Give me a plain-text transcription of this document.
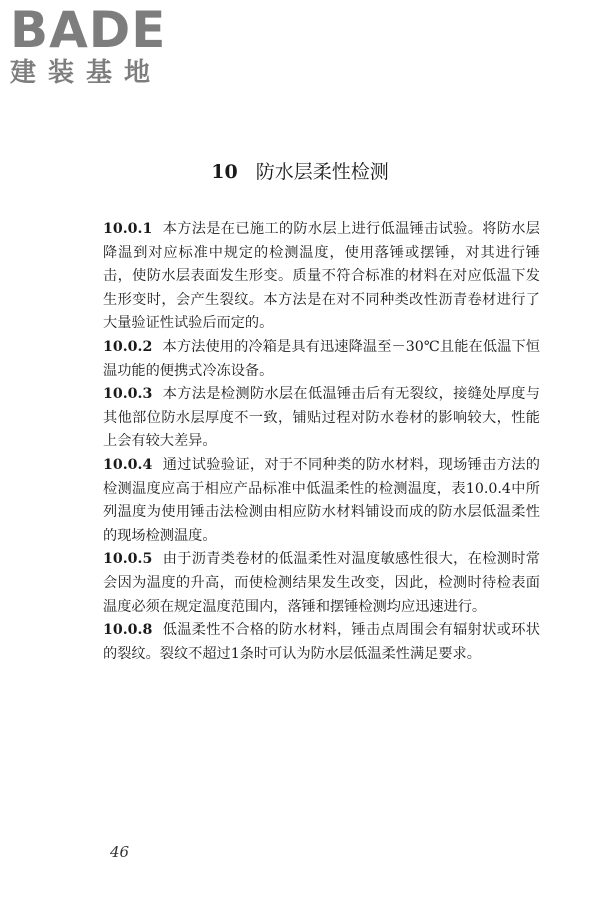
BADE
建装基地
10 防水层柔性检测

10.0.1 本方法是在已施工的防水层上进行低温锤击试验。将防水层降温到对应标准中规定的检测温度，使用落锤或摆锤，对其进行锤击，使防水层表面发生形变。质量不符合标准的材料在对应低温下发生形变时，会产生裂纹。本方法是在对不同种类改性沥青卷材进行了大量验证性试验后而定的。

10.0.2 本方法使用的冷箱是具有迅速降温至－30℃且能在低温下恒温功能的便携式冷冻设备。

10.0.3 本方法是检测防水层在低温锤击后有无裂纹，接缝处厚度与其他部位防水层厚度不一致，铺贴过程对防水卷材的影响较大，性能上会有较大差异。

10.0.4 通过试验验证，对于不同种类的防水材料，现场锤击方法的检测温度应高于相应产品标准中低温柔性的检测温度，表10.0.4中所列温度为使用锤击法检测由相应防水材料铺设而成的防水层低温柔性的现场检测温度。

10.0.5 由于沥青类卷材的低温柔性对温度敏感性很大，在检测时常会因为温度的升高，而使检测结果发生改变，因此，检测时待检表面温度必须在规定温度范围内，落锤和摆锤检测均应迅速进行。

10.0.8 低温柔性不合格的防水材料，锤击点周围会有辐射状或环状的裂纹。裂纹不超过1条时可认为防水层低温柔性满足要求。

46
